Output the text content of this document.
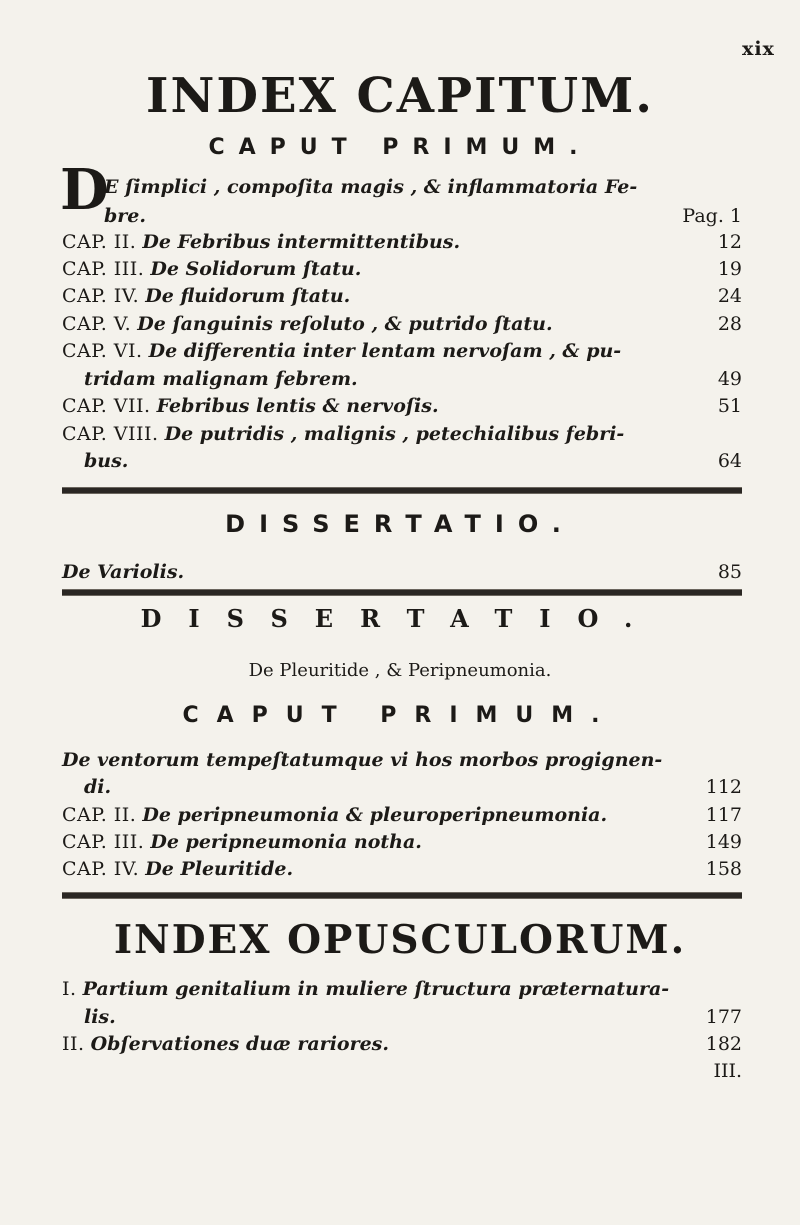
xix
INDEX CAPITUM.
CAPUT PRIMUM.
D
E ſimplici , compoſita magis , & inflammatoria Fe-
bre.	Pag. 1
CAP. II. De Febribus intermittentibus.	12
CAP. III. De Solidorum ſtatu.	19
CAP. IV. De fluidorum ſtatu.	24
CAP. V. De ſanguinis reſoluto , & putrido ſtatu.	28
CAP. VI. De differentia inter lentam nervoſam , & pu-
tridam malignam febrem.	49
CAP. VII. Febribus lentis & nervoſis.	51
CAP. VIII. De putridis , malignis , petechialibus febri-
bus.	64
DISSERTATIO.
De Variolis.	85
DISSERTATIO.
De Pleuritide , & Peripneumonia.
CAPUT PRIMUM.
De ventorum tempeſtatumque vi hos morbos progignen-
di.	112
CAP. II. De peripneumonia & pleuroperipneumonia.	117
CAP. III. De peripneumonia notha.	149
CAP. IV. De Pleuritide.	158
INDEX OPUSCULORUM.
I. Partium genitalium in muliere ſtructura præternatura-
lis.	177
II. Obſervationes duæ rariores.	182
III.
